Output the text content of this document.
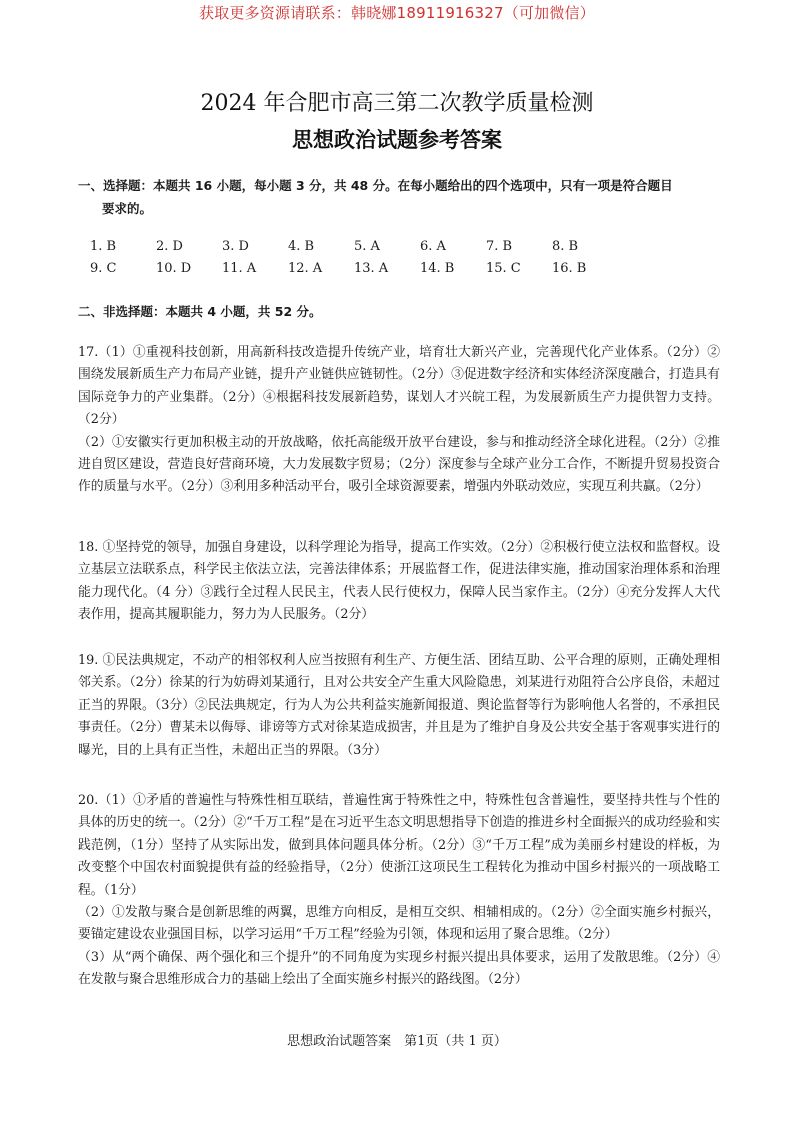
获取更多资源请联系：韩晓娜18911916327（可加微信）
2024 年合肥市高三第二次教学质量检测
思想政治试题参考答案
一、选择题：本题共 16 小题，每小题 3 分，共 48 分。在每小题给出的四个选项中，只有一项是符合题目
要求的。
1. B	2. D	3. D	4. B	5. A	6. A	7. B	8. B
9. C	10. D	11. A	12. A	13. A	14. B	15. C	16. B
二、非选择题：本题共 4 小题，共 52 分。

17.（1）①重视科技创新，用高新科技改造提升传统产业，培育壮大新兴产业，完善现代化产业体系。（2分）②围绕发展新质生产力布局产业链，提升产业链供应链韧性。（2分）③促进数字经济和实体经济深度融合，打造具有国际竞争力的产业集群。（2分）④根据科技发展新趋势，谋划人才兴皖工程，为发展新质生产力提供智力支持。（2分）

（2）①安徽实行更加积极主动的开放战略，依托高能级开放平台建设，参与和推动经济全球化进程。（2分）②推进自贸区建设，营造良好营商环境，大力发展数字贸易；（2分）深度参与全球产业分工合作，不断提升贸易投资合作的质量与水平。（2分）③利用多种活动平台，吸引全球资源要素，增强内外联动效应，实现互利共赢。（2分）

18. ①坚持党的领导，加强自身建设，以科学理论为指导，提高工作实效。（2分）②积极行使立法权和监督权。设立基层立法联系点，科学民主依法立法，完善法律体系；开展监督工作，促进法律实施，推动国家治理体系和治理能力现代化。（4 分）③践行全过程人民民主，代表人民行使权力，保障人民当家作主。（2分）④充分发挥人大代表作用，提高其履职能力，努力为人民服务。（2分）

19. ①民法典规定，不动产的相邻权利人应当按照有利生产、方便生活、团结互助、公平合理的原则，正确处理相邻关系。（2分）徐某的行为妨碍刘某通行，且对公共安全产生重大风险隐患，刘某进行劝阻符合公序良俗，未超过正当的界限。（3分）②民法典规定，行为人为公共利益实施新闻报道、舆论监督等行为影响他人名誉的，不承担民事责任。（2分）曹某未以侮辱、诽谤等方式对徐某造成损害，并且是为了维护自身及公共安全基于客观事实进行的曝光，目的上具有正当性，未超出正当的界限。（3分）

20.（1）①矛盾的普遍性与特殊性相互联结，普遍性寓于特殊性之中，特殊性包含普遍性，要坚持共性与个性的具体的历史的统一。（2分）②“千万工程”是在习近平生态文明思想指导下创造的推进乡村全面振兴的成功经验和实践范例，（1分）坚持了从实际出发，做到具体问题具体分析。（2分）③“千万工程”成为美丽乡村建设的样板，为改变整个中国农村面貌提供有益的经验指导，（2分）使浙江这项民生工程转化为推动中国乡村振兴的一项战略工程。（1分）

（2）①发散与聚合是创新思维的两翼，思维方向相反，是相互交织、相辅相成的。（2分）②全面实施乡村振兴，要锚定建设农业强国目标，以学习运用“千万工程”经验为引领，体现和运用了聚合思维。（2分）

（3）从“两个确保、两个强化和三个提升”的不同角度为实现乡村振兴提出具体要求，运用了发散思维。（2分）④在发散与聚合思维形成合力的基础上绘出了全面实施乡村振兴的路线图。（2分）

思想政治试题答案　第1页（共 1 页）
